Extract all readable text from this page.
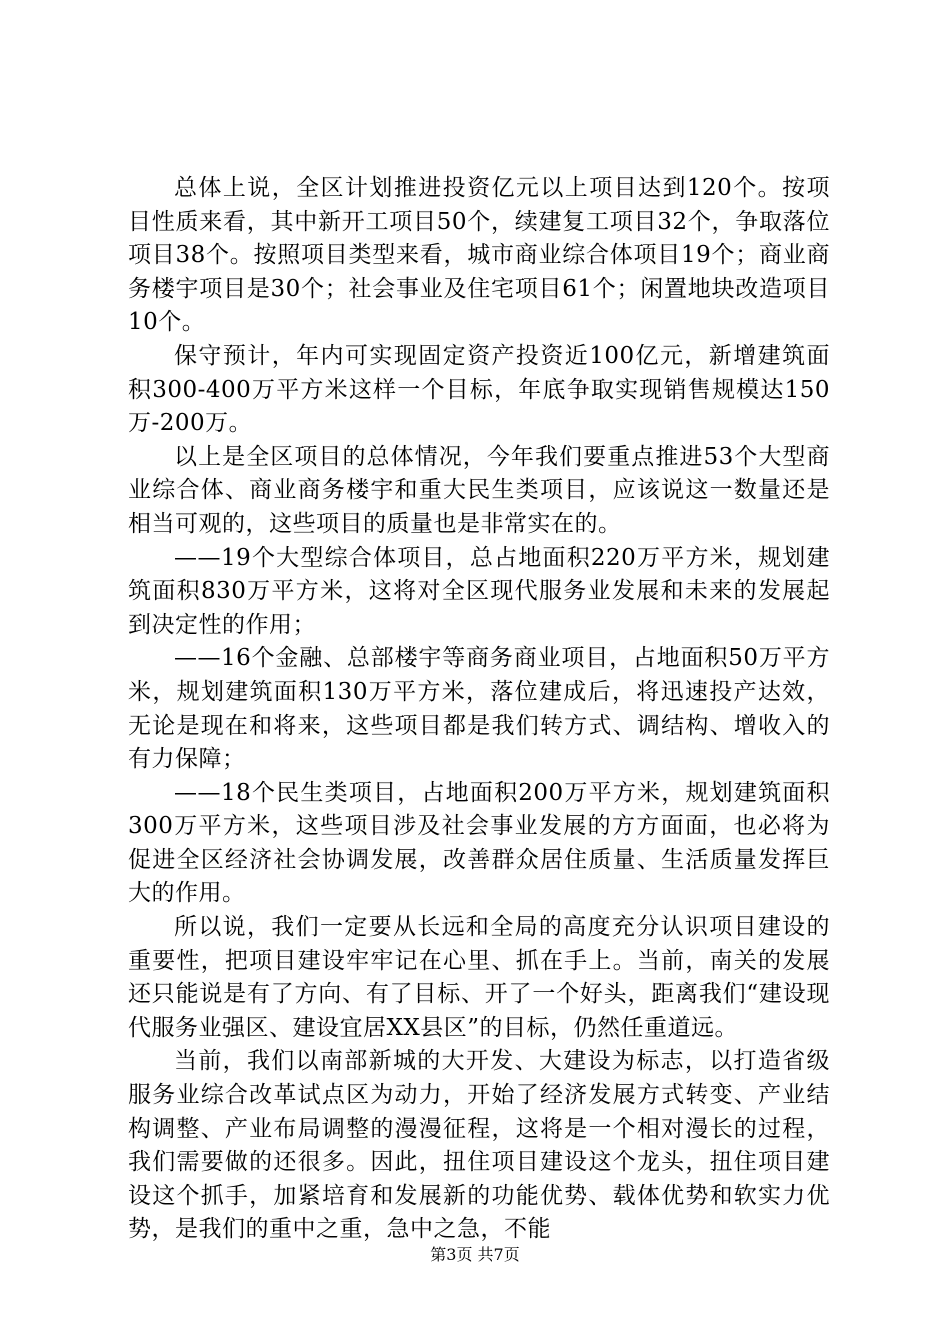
总体上说，全区计划推进投资亿元以上项目达到120个。按项目性质来看，其中新开工项目50个，续建复工项目32个，争取落位项目38个。按照项目类型来看，城市商业综合体项目19个；商业商务楼宇项目是30个；社会事业及住宅项目61个；闲置地块改造项目10个。

保守预计，年内可实现固定资产投资近100亿元，新增建筑面积300-400万平方米这样一个目标，年底争取实现销售规模达150万-200万。

以上是全区项目的总体情况，今年我们要重点推进53个大型商业综合体、商业商务楼宇和重大民生类项目，应该说这一数量还是相当可观的，这些项目的质量也是非常实在的。

——19个大型综合体项目，总占地面积220万平方米，规划建筑面积830万平方米，这将对全区现代服务业发展和未来的发展起到决定性的作用；

——16个金融、总部楼宇等商务商业项目，占地面积50万平方米，规划建筑面积130万平方米，落位建成后，将迅速投产达效，无论是现在和将来，这些项目都是我们转方式、调结构、增收入的有力保障；

——18个民生类项目，占地面积200万平方米，规划建筑面积300万平方米，这些项目涉及社会事业发展的方方面面，也必将为促进全区经济社会协调发展，改善群众居住质量、生活质量发挥巨大的作用。

所以说，我们一定要从长远和全局的高度充分认识项目建设的重要性，把项目建设牢牢记在心里、抓在手上。当前，南关的发展还只能说是有了方向、有了目标、开了一个好头，距离我们“建设现代服务业强区、建设宜居XX县区”的目标，仍然任重道远。

当前，我们以南部新城的大开发、大建设为标志，以打造省级服务业综合改革试点区为动力，开始了经济发展方式转变、产业结构调整、产业布局调整的漫漫征程，这将是一个相对漫长的过程，我们需要做的还很多。因此，扭住项目建设这个龙头，扭住项目建设这个抓手，加紧培育和发展新的功能优势、载体优势和软实力优势，是我们的重中之重，急中之急，不能

第3页 共7页
